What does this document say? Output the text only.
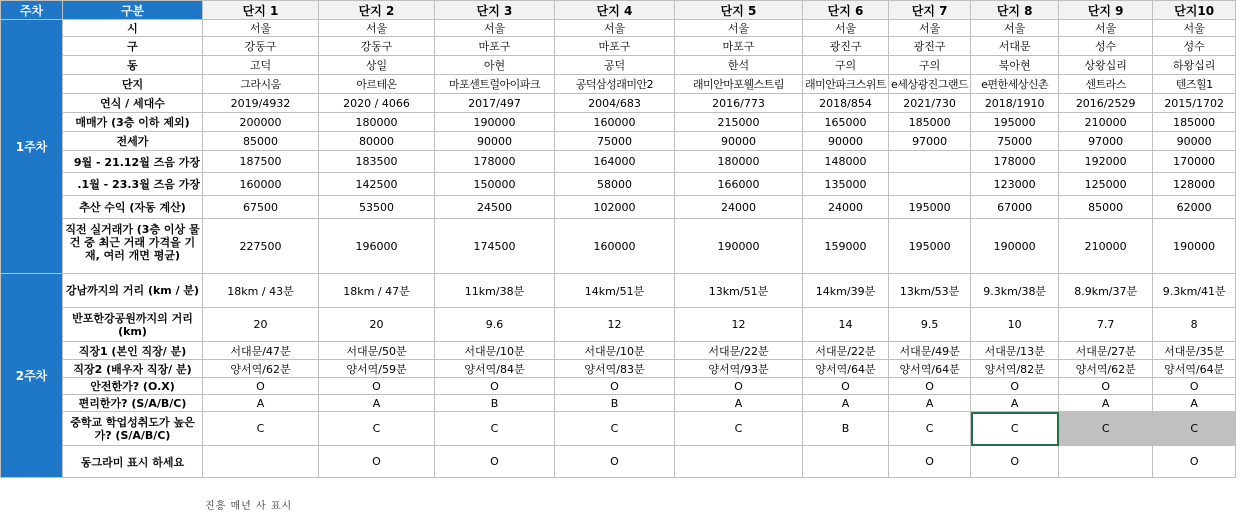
주차	구분	단지 1	단지 2	단지 3	단지 4	단지 5	단지 6	단지 7	단지 8	단지 9	단지10
1주차	시	서울	서울	서울	서울	서울	서울	서울	서울	서울	서울

	구	강동구	강동구	마포구	마포구	마포구	광진구	광진구	서대문	성수	성수

	동	고덕	상일	아현	공덕	한석	구의	구의	북아현	상왕십리	하왕십리

	단지	그라시움	아르테온	마포센트럴아이파크	공덕삼성래미안2	래미안마포웰스트림	래미안파크스위트	e세상광진그랜드	e편한세상신촌	센트라스	텐즈힐1

	연식 / 세대수	2019/4932	2020 / 4066	2017/497	2004/683	2016/773	2018/854	2021/730	2018/1910	2016/2529	2015/1702

	매매가 (3층 이하 제외)	200000	180000	190000	160000	215000	165000	185000	195000	210000	185000

	전세가	85000	80000	90000	75000	90000	90000	97000	75000	97000	90000

	9월 - 21.12월 즈음 가장	187500	183500	178000	164000	180000	148000		178000	192000	170000

	.1월 - 23.3월 즈음 가장	160000	142500	150000	58000	166000	135000		123000	125000	128000

	추산 수익 (자동 계산)	67500	53500	24500	102000	24000	24000	195000	67000	85000	62000

	직전 실거래가 (3층 이상 물건 중 최근 거래 가격을 기재, 여러 개면 평균)	227500	196000	174500	160000	190000	159000	195000	190000	210000	190000
2주차	강남까지의 거리 (km / 분)	18km / 43분	18km / 47분	11km/38분	14km/51분	13km/51분	14km/39분	13km/53분	9.3km/38분	8.9km/37분	9.3km/41분

	반포한강공원까지의 거리 (km)	20	20	9.6	12	12	14	9.5	10	7.7	8

	직장1 (본인 직장/ 분)	서대문/47분	서대문/50분	서대문/10분	서대문/10분	서대문/22분	서대문/22분	서대문/49분	서대문/13분	서대문/27분	서대문/35분

	직장2 (배우자 직장/ 분)	양서역/62분	양서역/59분	양서역/84분	양서역/83분	양서역/93분	양서역/64분	양서역/64분	양서역/82분	양서역/62분	양서역/64분

	안전한가? (O.X)	O	O	O	O	O	O	O	O	O	O

	편리한가? (S/A/B/C)	A	A	B	B	A	A	A	A	A	A

	중학교 학업성취도가 높은가? (S/A/B/C)	C	C	C	C	C	B	C	C	C	C

	동그라미 표시 하세요		O	O	O			O	O		O
진흥 매년 사 표시
